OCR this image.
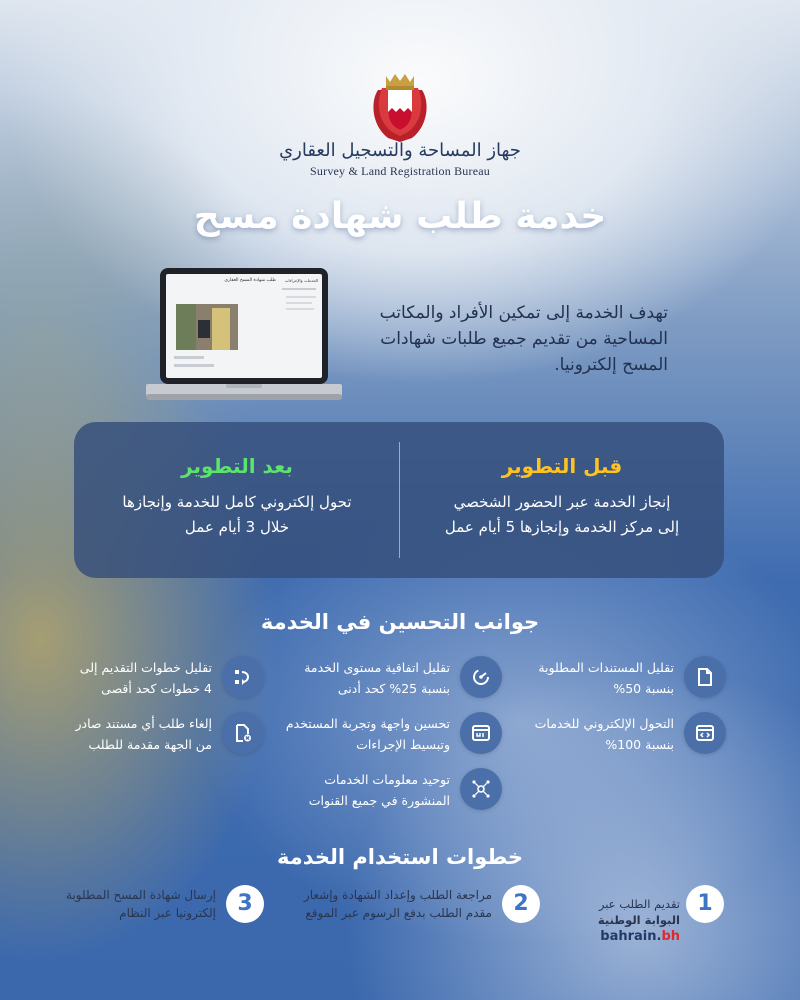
جهاز المساحة والتسجيل العقاري
Survey & Land Registration Bureau
خدمة طلب شهادة مسح
طلب شهادة المسح العقاري	الخدمات والإجراءات
تهدف الخدمة إلى تمكين الأفراد والمكاتب المساحية من تقديم جميع طلبات شهادات المسح إلكترونيا.
قبل التطوير

إنجاز الخدمة عبر الحضور الشخصي

إلى مركز الخدمة وإنجازها 5 أيام عمل

بعد التطوير

تحول إلكتروني كامل للخدمة وإنجازها

خلال 3 أيام عمل

جوانب التحسين في الخدمة
تقليل المستندات المطلوبة
بنسبة 50%
تقليل اتفاقية مستوى الخدمة
بنسبة 25% كحد أدنى
تقليل خطوات التقديم إلى
4 خطوات كحد أقصى
التحول الإلكتروني للخدمات
بنسبة 100%
تحسين واجهة وتجربة المستخدم
وتبسيط الإجراءات
إلغاء طلب أي مستند صادر
من الجهة مقدمة للطلب
توحيد معلومات الخدمات
المنشورة في جميع القنوات
خطوات استخدام الخدمة
1
تقديم الطلب عبر
البوابة الوطنية
bahrain.bh
2
مراجعة الطلب وإعداد الشهادة وإشعار
مقدم الطلب بدفع الرسوم عبر الموقع
3
إرسال شهادة المسح المطلوبة
إلكترونيا عبر النظام
